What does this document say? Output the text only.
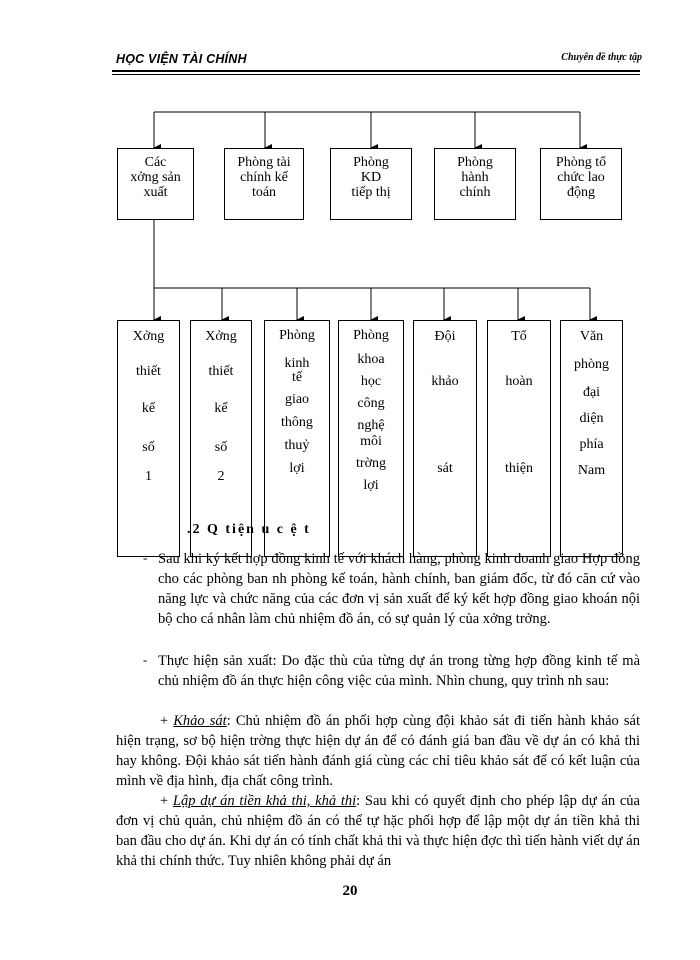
HỌC VIỆN TÀI CHÍNH	Chuyên đề thực tập
Các
xởng sản
xuất
Phòng tài
chính kế
toán
Phòng
KD
tiếp thị
Phòng
hành
chính
Phòng tổ
chức lao
động
Xởng
thiết
kế
số
1
Xởng
thiết
kế
số
2
Phòng
kinh tế
giao
thông
thuỷ
lợi
Phòng
khoa
học
công
nghệ
môi
trờng
lợi
Đội
khảo
sát
Tổ
hoàn
thiện
Văn
phòng
đại
diện
phía
Nam
.2 Q tiện u c ệ t
- Sau khi ký kết hợp đồng kinh tế với khách hàng, phòng kinh doanh giao Hợp đồng cho các phòng ban nh phòng kế toán, hành chính, ban giám đốc, từ đó căn cứ vào năng lực và chức năng của các đơn vị sản xuất để ký kết hợp đồng giao khoán nội bộ cho cá nhân làm chủ nhiệm đồ án, có sự quản lý của xởng trởng.
- Thực hiện sản xuất: Do đặc thù của từng dự án trong từng hợp đồng kinh tế mà chủ nhiệm đồ án thực hiện công việc của mình. Nhìn chung, quy trình nh sau:
+ Khảo sát: Chủ nhiệm đồ án phối hợp cùng đội khảo sát đi tiến hành khảo sát hiện trạng, sơ bộ hiện trờng thực hiện dự án để có đánh giá ban đầu về dự án có khả thi hay không. Đội khảo sát tiến hành đánh giá cùng các chỉ tiêu khảo sát để có kết luận của mình về địa hình, địa chất công trình.
+ Lập dự án tiền khả thi, khả thi: Sau khi có quyết định cho phép lập dự án của đơn vị chủ quản, chủ nhiệm đồ án có thể tự hặc phối hợp để lập một dự án tiền khả thi ban đầu cho dự án. Khi dự án có tính chất khả thi và thực hiện đợc thì tiến hành viết dự án khả thi chính thức. Tuy nhiên không phải dự án
20
